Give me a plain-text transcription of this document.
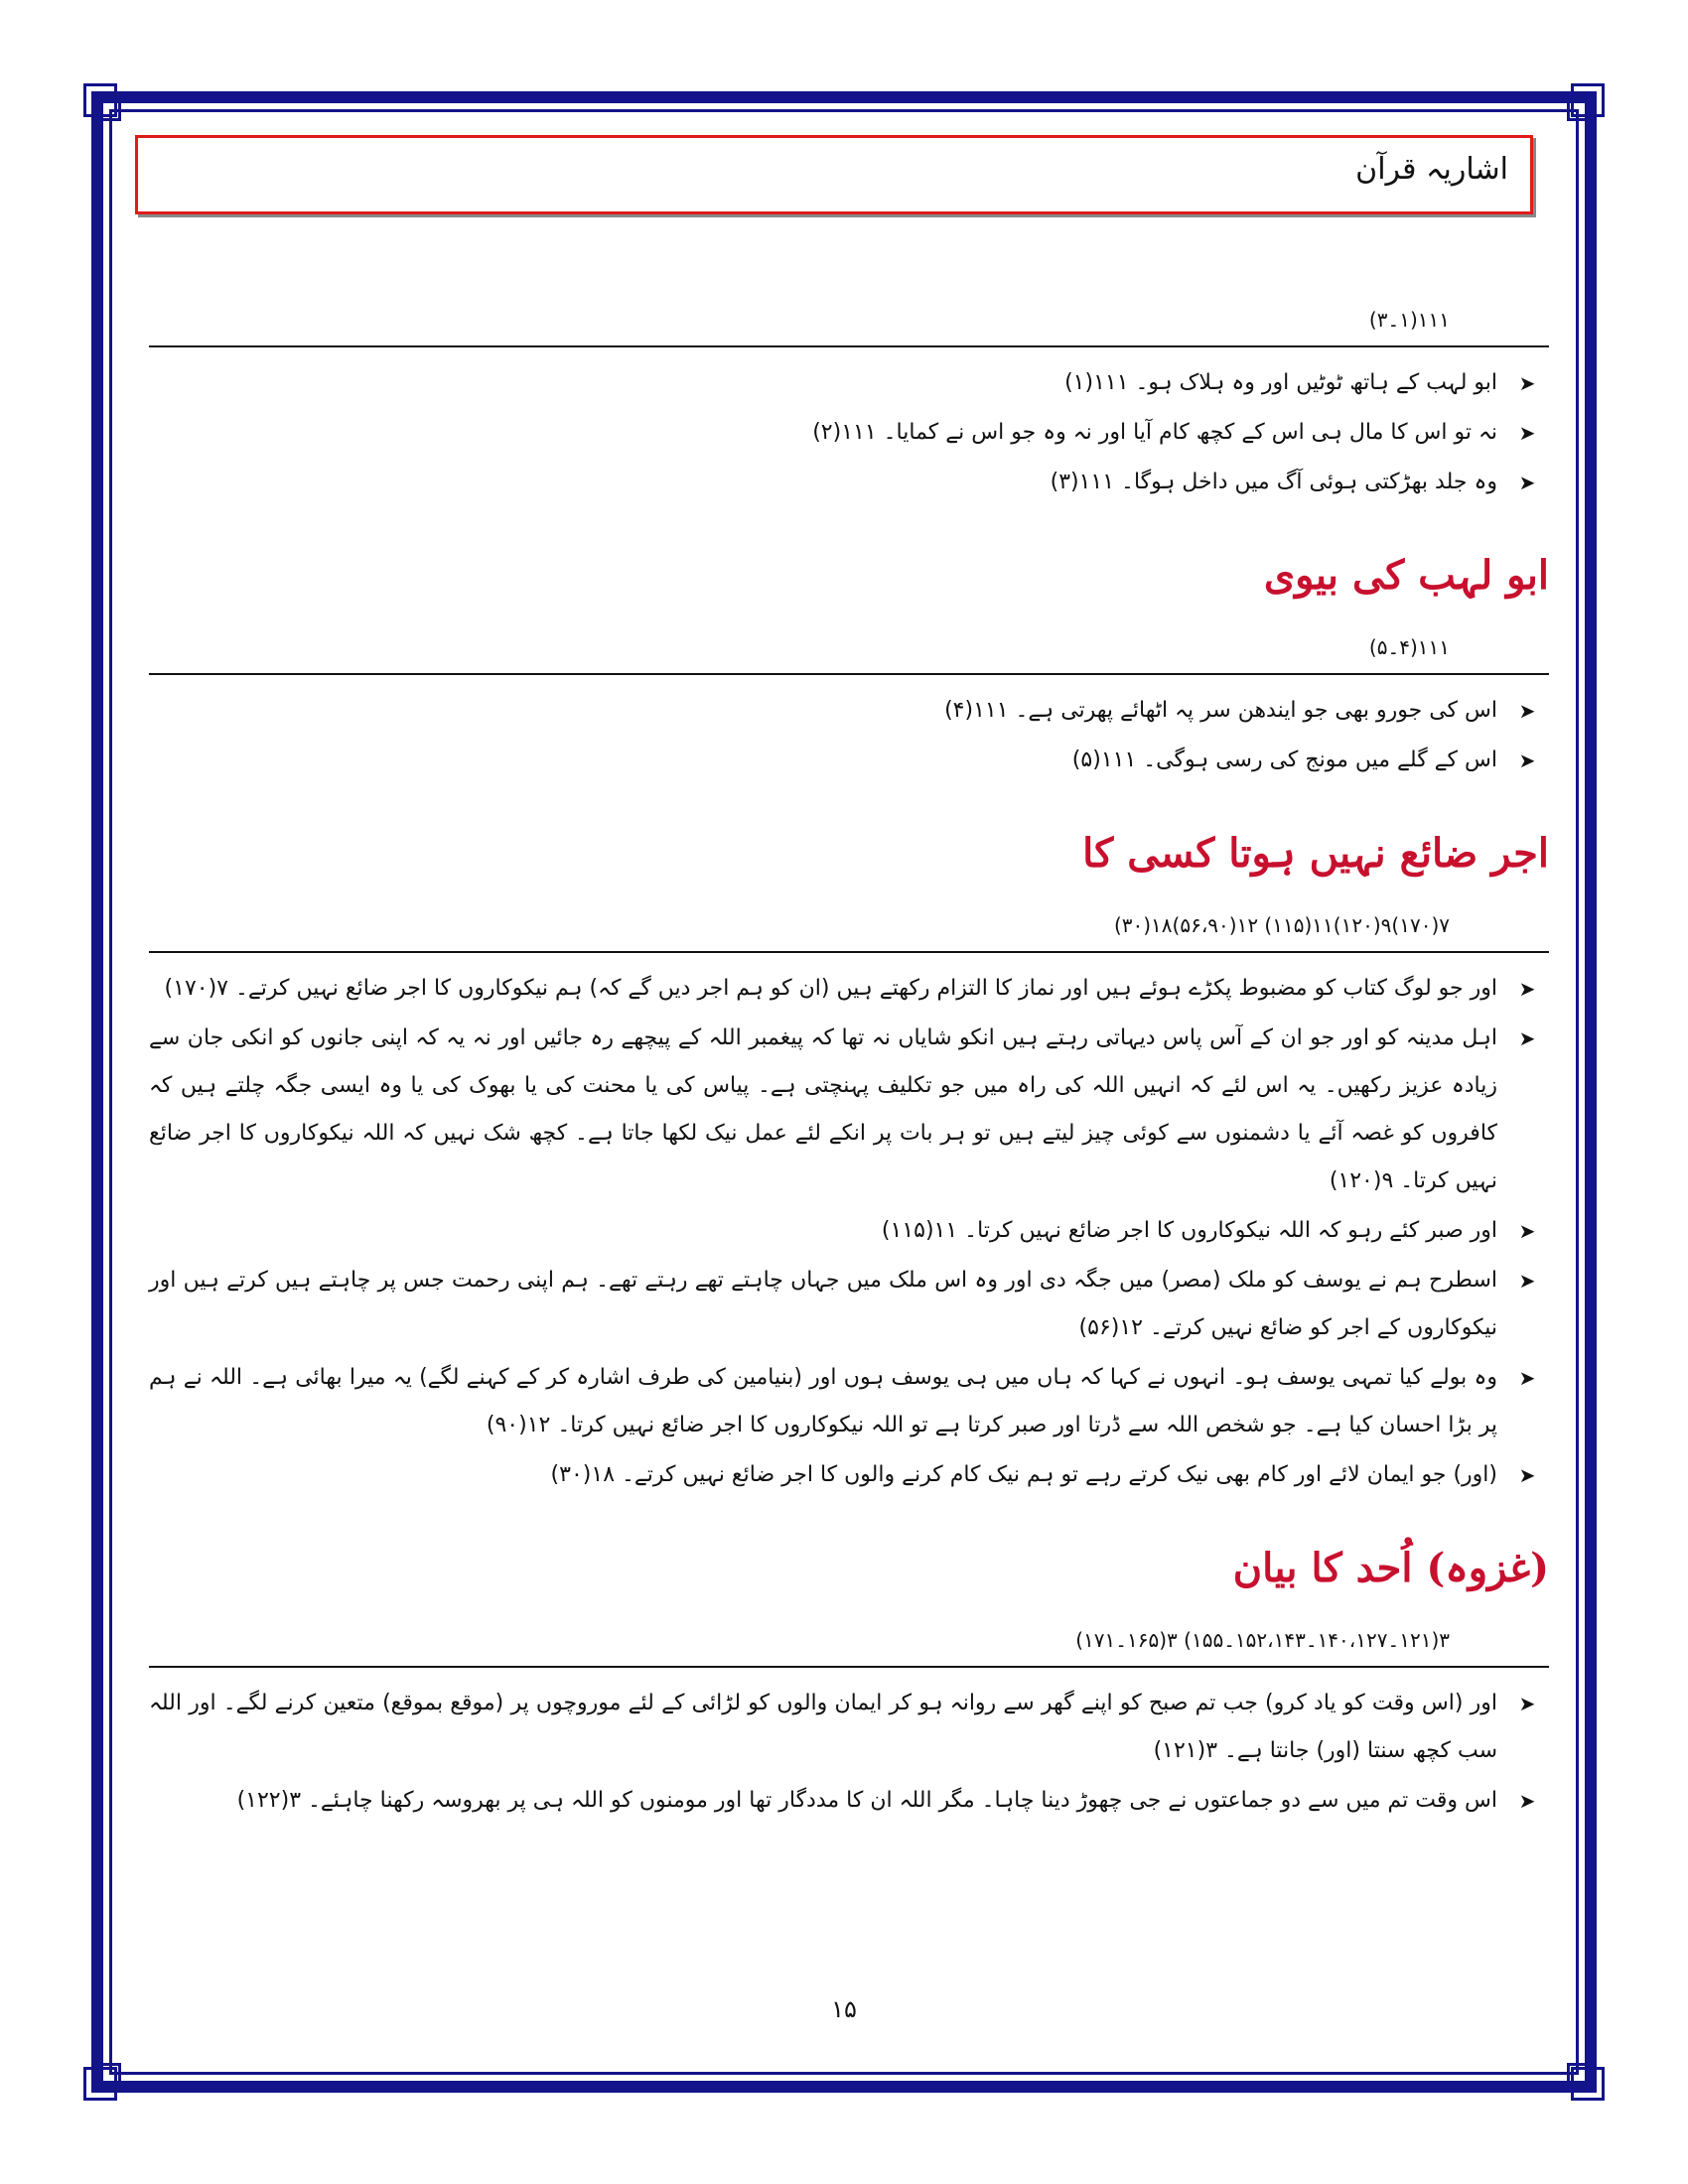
اشاریہ قرآن
۱۱۱(۱۔۳)
➤
ابو لہب کے ہاتھ ٹوٹیں اور وہ ہلاک ہو۔ ۱۱۱(۱)
➤
نہ تو اس کا مال ہی اس کے کچھ کام آیا اور نہ وہ جو اس نے کمایا۔ ۱۱۱(۲)
➤
وہ جلد بھڑکتی ہوئی آگ میں داخل ہوگا۔ ۱۱۱(۳)
ابو لہب کی بیوی
۱۱۱(۴۔۵)
➤
اس کی جورو بھی جو ایندھن سر پہ اٹھائے پھرتی ہے۔ ۱۱۱(۴)
➤
اس کے گلے میں مونج کی رسی ہوگی۔ ۱۱۱(۵)
اجر ضائع نہیں ہوتا کسی کا
۷(۱۷۰)۹(۱۲۰)۱۱(۱۱۵) ۱۲(۵۶،۹۰)۱۸(۳۰)
➤
اور جو لوگ کتاب کو مضبوط پکڑے ہوئے ہیں اور نماز کا التزام رکھتے ہیں (ان کو ہم اجر دیں گے کہ) ہم نیکوکاروں کا اجر ضائع نہیں کرتے۔ ۷(۱۷۰)
➤
اہل مدینہ کو اور جو ان کے آس پاس دیہاتی رہتے ہیں انکو شایاں نہ تھا کہ پیغمبر اللہ کے پیچھے رہ جائیں اور نہ یہ کہ اپنی جانوں کو انکی جان سے زیادہ عزیز رکھیں۔ یہ اس لئے کہ انہیں اللہ کی راہ میں جو تکلیف پہنچتی ہے۔ پیاس کی یا محنت کی یا بھوک کی یا وہ ایسی جگہ چلتے ہیں کہ کافروں کو غصہ آئے یا دشمنوں سے کوئی چیز لیتے ہیں تو ہر بات پر انکے لئے عمل نیک لکھا جاتا ہے۔ کچھ شک نہیں کہ اللہ نیکوکاروں کا اجر ضائع نہیں کرتا۔ ۹(۱۲۰)
➤
اور صبر کئے رہو کہ اللہ نیکوکاروں کا اجر ضائع نہیں کرتا۔ ۱۱(۱۱۵)
➤
اسطرح ہم نے یوسف کو ملک (مصر) میں جگہ دی اور وہ اس ملک میں جہاں چاہتے تھے رہتے تھے۔ ہم اپنی رحمت جس پر چاہتے ہیں کرتے ہیں اور نیکوکاروں کے اجر کو ضائع نہیں کرتے۔ ۱۲(۵۶)
➤
وہ بولے کیا تمہی یوسف ہو۔ انہوں نے کہا کہ ہاں میں ہی یوسف ہوں اور (بنیامین کی طرف اشارہ کر کے کہنے لگے) یہ میرا بھائی ہے۔ اللہ نے ہم پر بڑا احسان کیا ہے۔ جو شخص اللہ سے ڈرتا اور صبر کرتا ہے تو اللہ نیکوکاروں کا اجر ضائع نہیں کرتا۔ ۱۲(۹۰)
➤
(اور) جو ایمان لائے اور کام بھی نیک کرتے رہے تو ہم نیک کام کرنے والوں کا اجر ضائع نہیں کرتے۔ ۱۸(۳۰)
(غزوہ) اُحد کا بیان
۳(۱۲۱۔۱۴۰،۱۲۷۔۱۵۲،۱۴۳۔۱۵۵) ۳(۱۶۵۔۱۷۱)
➤
اور (اس وقت کو یاد کرو) جب تم صبح کو اپنے گھر سے روانہ ہو کر ایمان والوں کو لڑائی کے لئے موروچوں پر (موقع بموقع) متعین کرنے لگے۔ اور اللہ سب کچھ سنتا (اور) جانتا ہے۔ ۳(۱۲۱)
➤
اس وقت تم میں سے دو جماعتوں نے جی چھوڑ دینا چاہا۔ مگر اللہ ان کا مددگار تھا اور مومنوں کو اللہ ہی پر بھروسہ رکھنا چاہئے۔ ۳(۱۲۲)
۱۵
